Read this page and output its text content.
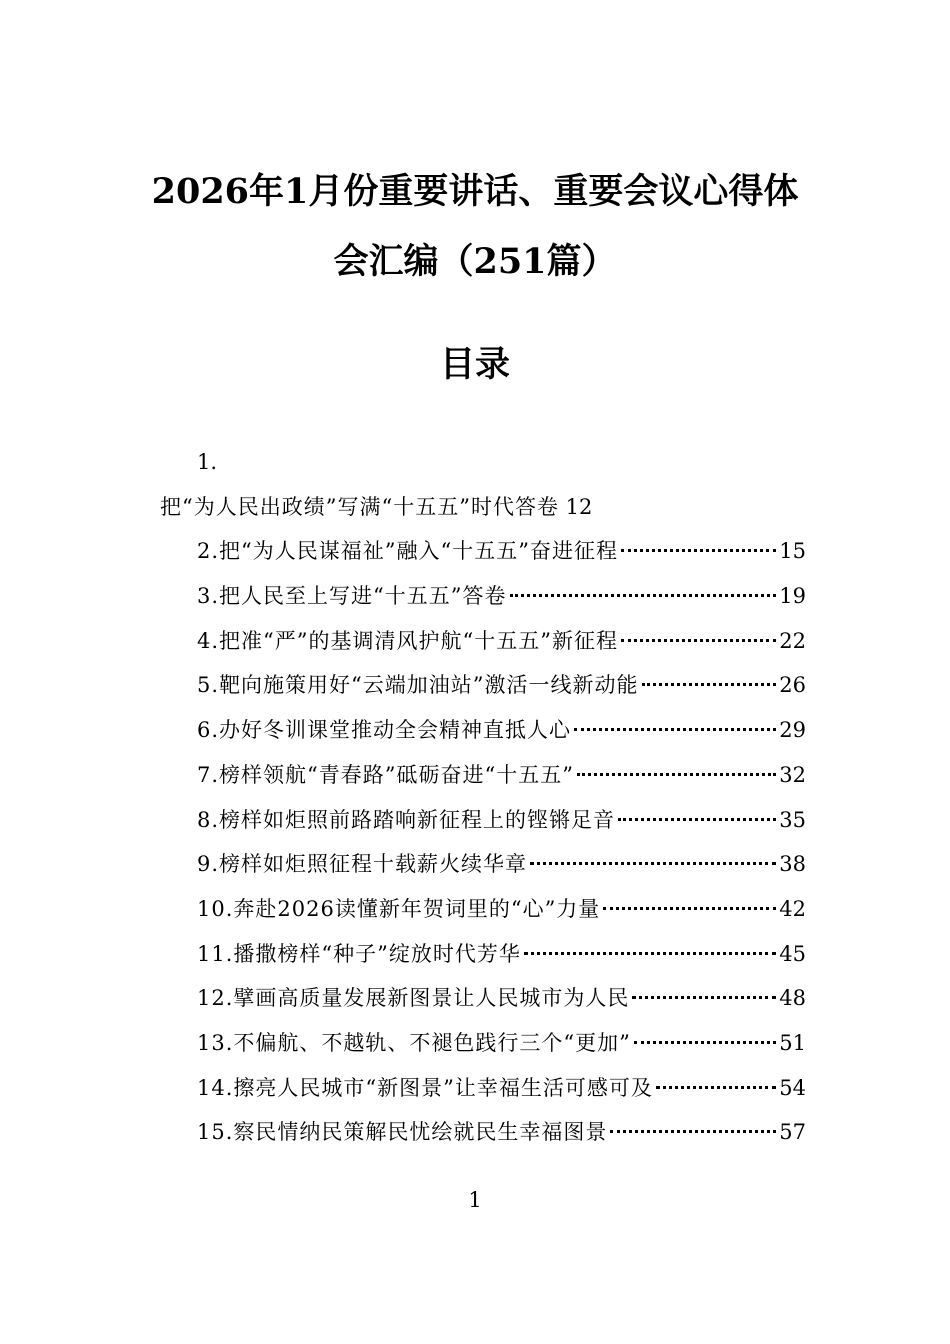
2026年1月份重要讲话、重要会议心得体
会汇编（251篇）
目录
1.
把“为人民出政绩”写满“十五五”时代答卷 12
2.把“为人民谋福祉”融入“十五五”奋进征程	15
3.把人民至上写进“十五五”答卷	19
4.把准“严”的基调清风护航“十五五”新征程	22
5.靶向施策用好“云端加油站”激活一线新动能	26
6.办好冬训课堂推动全会精神直抵人心	29
7.榜样领航“青春路”砥砺奋进“十五五”	32
8.榜样如炬照前路踏响新征程上的铿锵足音	35
9.榜样如炬照征程十载薪火续华章	38
10.奔赴2026读懂新年贺词里的“心”力量	42
11.播撒榜样“种子”绽放时代芳华	45
12.擘画高质量发展新图景让人民城市为人民	48
13.不偏航、不越轨、不褪色践行三个“更加”	51
14.擦亮人民城市“新图景”让幸福生活可感可及	54
15.察民情纳民策解民忧绘就民生幸福图景	57
1
